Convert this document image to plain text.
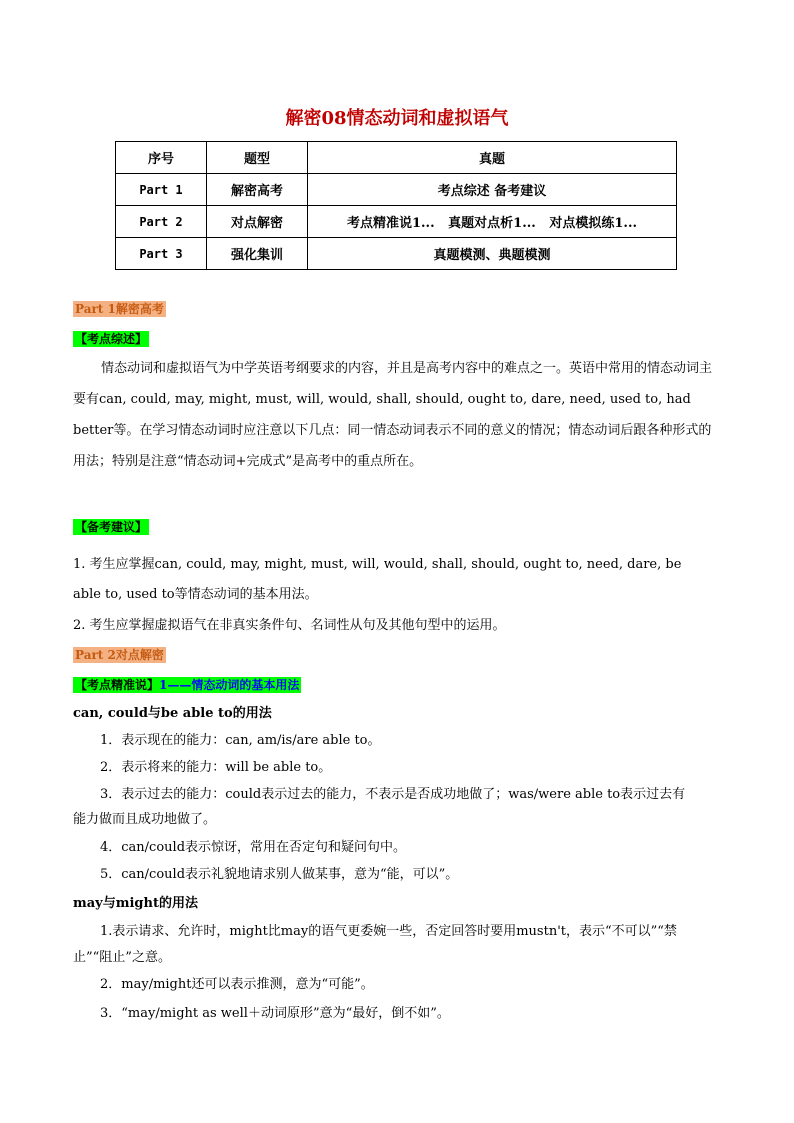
解密08情态动词和虚拟语气
序号	题型	真题
Part 1	解密高考	考点综述 备考建议
Part 2	对点解密	考点精准说1...   真题对点析1...   对点模拟练1...
Part 3	强化集训	真题模测、典题模测
Part 1解密高考
【考点综述】
情态动词和虚拟语气为中学英语考纲要求的内容，并且是高考内容中的难点之一。英语中常用的情态动词主要有can, could, may, might, must, will, would, shall, should, ought to, dare, need, used to, had better等。在学习情态动词时应注意以下几点：同一情态动词表示不同的意义的情况；情态动词后跟各种形式的用法；特别是注意“情态动词+完成式”是高考中的重点所在。
【备考建议】
1. 考生应掌握can, could, may, might, must, will, would, shall, should, ought to, need, dare, be
able to, used to等情态动词的基本用法。
2. 考生应掌握虚拟语气在非真实条件句、名词性从句及其他句型中的运用。
Part 2对点解密
【考点精准说】1——情态动词的基本用法
can, could与be able to的用法
1．表示现在的能力：can, am/is/are able to。
2．表示将来的能力：will be able to。
3．表示过去的能力：could表示过去的能力，不表示是否成功地做了；was/were able to表示过去有
能力做而且成功地做了。
4．can/could表示惊讶，常用在否定句和疑问句中。
5．can/could表示礼貌地请求别人做某事，意为“能，可以”。
may与might的用法
1.表示请求、允许时，might比may的语气更委婉一些，否定回答时要用mustn't，表示“不可以”“禁
止”“阻止”之意。
2．may/might还可以表示推测，意为“可能”。
3．“may/might as well＋动词原形”意为“最好，倒不如”。
